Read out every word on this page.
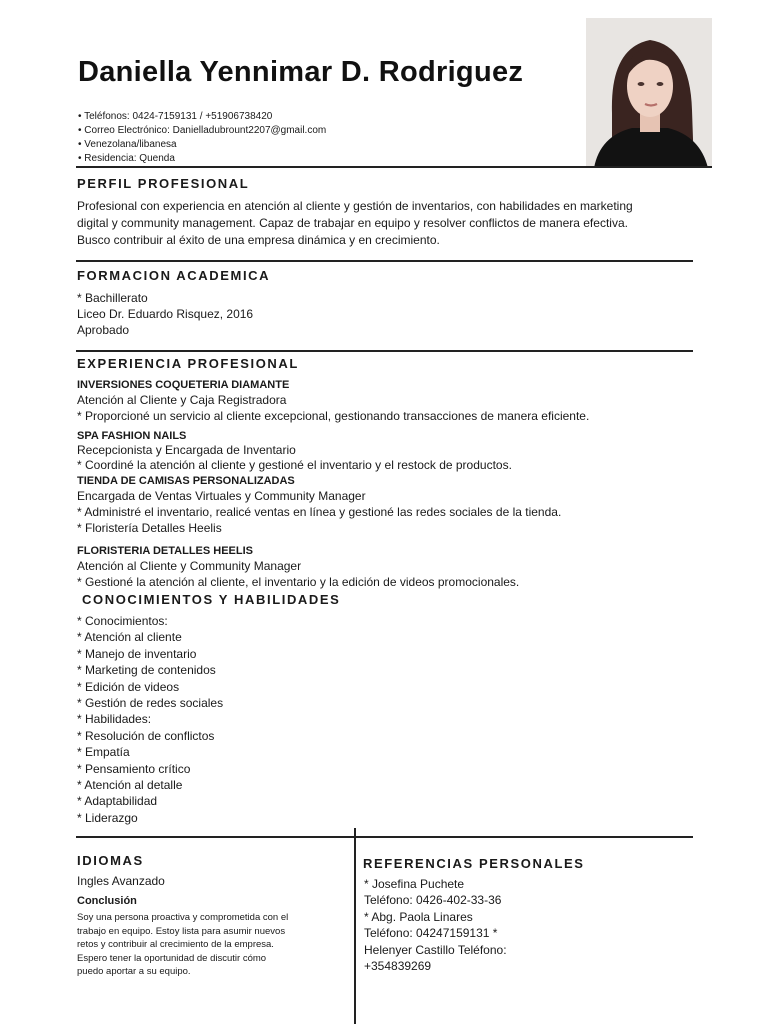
Daniella Yennimar D. Rodriguez
• Teléfonos: 0424-7159131 / +51906738420
• Correo Electrónico: Danielladubrount2207@gmail.com
• Venezolana/libanesa
• Residencia: Quenda
PERFIL PROFESIONAL
Profesional con experiencia en atención al cliente y gestión de inventarios, con habilidades en marketing
digital y community management. Capaz de trabajar en equipo y resolver conflictos de manera efectiva.
Busco contribuir al éxito de una empresa dinámica y en crecimiento.
FORMACION ACADEMICA
* Bachillerato
Liceo Dr. Eduardo Risquez, 2016
Aprobado
EXPERIENCIA PROFESIONAL
INVERSIONES COQUETERIA DIAMANTE
Atención al Cliente y Caja Registradora
* Proporcioné un servicio al cliente excepcional, gestionando transacciones de manera eficiente.
SPA FASHION NAILS
Recepcionista y Encargada de Inventario
* Coordiné la atención al cliente y gestioné el inventario y el restock de productos.
TIENDA DE CAMISAS PERSONALIZADAS
Encargada de Ventas Virtuales y Community Manager
* Administré el inventario, realicé ventas en línea y gestioné las redes sociales de la tienda.
* Floristería Detalles Heelis
FLORISTERIA DETALLES HEELIS
Atención al Cliente y Community Manager
* Gestioné la atención al cliente, el inventario y la edición de videos promocionales.
CONOCIMIENTOS Y HABILIDADES
* Conocimientos:
* Atención al cliente
* Manejo de inventario
* Marketing de contenidos
* Edición de videos
* Gestión de redes sociales
* Habilidades:
* Resolución de conflictos
* Empatía
* Pensamiento crítico
* Atención al detalle
* Adaptabilidad
* Liderazgo
IDIOMAS
Ingles Avanzado
Conclusión
Soy una persona proactiva y comprometida con el
trabajo en equipo. Estoy lista para asumir nuevos
retos y contribuir al crecimiento de la empresa.
Espero tener la oportunidad de discutir cómo
puedo aportar a su equipo.
REFERENCIAS PERSONALES
* Josefina Puchete
Teléfono: 0426-402-33-36
* Abg. Paola Linares
Teléfono: 04247159131 *
Helenyer Castillo Teléfono:
+354839269
